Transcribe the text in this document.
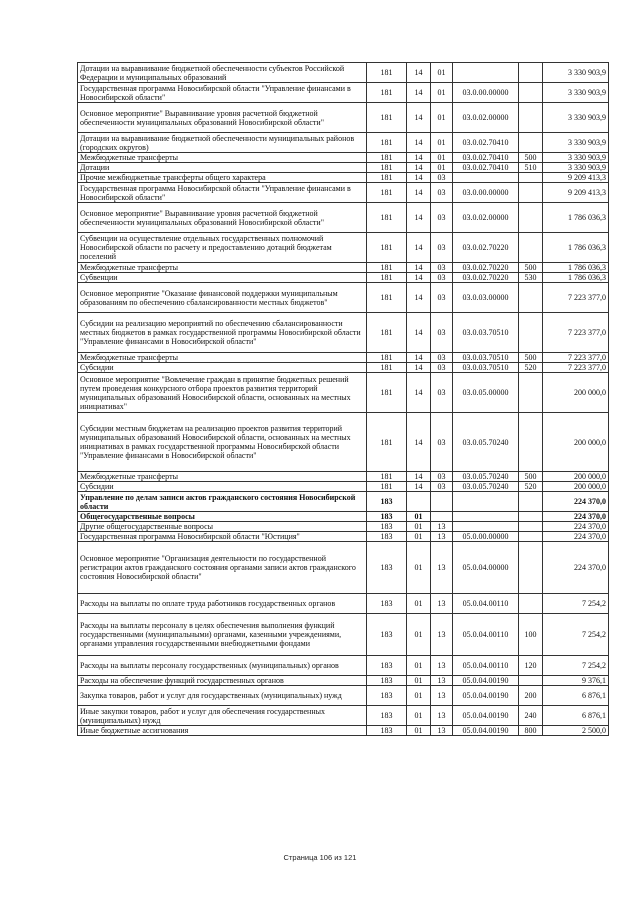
Дотации на выравнивание бюджетной обеспеченности субъектов Российской Федерации и муниципальных образований	181	14	01			3 330 903,9
Государственная программа Новосибирской области "Управление финансами в Новосибирской области"	181	14	01	03.0.00.00000		3 330 903,9
Основное мероприятие" Выравнивание уровня расчетной бюджетной обеспеченности муниципальных образований Новосибирской области"	181	14	01	03.0.02.00000		3 330 903,9
Дотации на выравнивание бюджетной обеспеченности муниципальных районов (городских округов)	181	14	01	03.0.02.70410		3 330 903,9
Межбюджетные трансферты	181	14	01	03.0.02.70410	500	3 330 903,9
Дотации	181	14	01	03.0.02.70410	510	3 330 903,9
Прочие межбюджетные трансферты общего характера	181	14	03			9 209 413,3
Государственная программа Новосибирской области "Управление финансами в Новосибирской области"	181	14	03	03.0.00.00000		9 209 413,3
Основное мероприятие" Выравнивание уровня расчетной бюджетной обеспеченности муниципальных образований Новосибирской области"	181	14	03	03.0.02.00000		1 786 036,3
Субвенции на осуществление отдельных государственных полномочий Новосибирской области по расчету и предоставлению дотаций бюджетам поселений	181	14	03	03.0.02.70220		1 786 036,3
Межбюджетные трансферты	181	14	03	03.0.02.70220	500	1 786 036,3
Субвенции	181	14	03	03.0.02.70220	530	1 786 036,3
Основное мероприятие "Оказание финансовой поддержки муниципальным образованиям по обеспечению сбалансированности местных бюджетов"	181	14	03	03.0.03.00000		7 223 377,0
Субсидии на реализацию мероприятий по обеспечению сбалансированности местных бюджетов в рамках государственной программы Новосибирской области "Управление финансами в Новосибирской области"	181	14	03	03.0.03.70510		7 223 377,0
Межбюджетные трансферты	181	14	03	03.0.03.70510	500	7 223 377,0
Субсидии	181	14	03	03.0.03.70510	520	7 223 377,0
Основное мероприятие "Вовлечение граждан в принятие бюджетных решений путем проведения конкурсного отбора проектов развития территорий муниципальных образований Новосибирской области, основанных на местных инициативах"	181	14	03	03.0.05.00000		200 000,0
Субсидии местным бюджетам на реализацию проектов развития территорий муниципальных образований Новосибирской области, основанных на местных инициативах в рамках государственной программы Новосибирской области "Управление финансами в Новосибирской области"	181	14	03	03.0.05.70240		200 000,0
Межбюджетные трансферты	181	14	03	03.0.05.70240	500	200 000,0
Субсидии	181	14	03	03.0.05.70240	520	200 000,0
Управление по делам записи актов гражданского состояния Новосибирской области	183					224 370,0
Общегосударственные вопросы	183	01				224 370,0
Другие общегосударственные вопросы	183	01	13			224 370,0
Государственная программа Новосибирской области "Юстиция"	183	01	13	05.0.00.00000		224 370,0
Основное мероприятие "Организация деятельности по государственной регистрации актов гражданского состояния органами записи актов гражданского состояния Новосибирской области"	183	01	13	05.0.04.00000		224 370,0
Расходы на выплаты по оплате труда работников государственных органов	183	01	13	05.0.04.00110		7 254,2
Расходы на выплаты персоналу в целях обеспечения выполнения функций государственными (муниципальными) органами, казенными учреждениями, органами управления государственными внебюджетными фондами	183	01	13	05.0.04.00110	100	7 254,2
Расходы на выплаты персоналу государственных (муниципальных) органов	183	01	13	05.0.04.00110	120	7 254,2
Расходы на обеспечение функций государственных органов	183	01	13	05.0.04.00190		9 376,1
Закупка товаров, работ и услуг для государственных (муниципальных) нужд	183	01	13	05.0.04.00190	200	6 876,1
Иные закупки товаров, работ и услуг для обеспечения государственных (муниципальных) нужд	183	01	13	05.0.04.00190	240	6 876,1
Иные бюджетные ассигнования	183	01	13	05.0.04.00190	800	2 500,0
Страница 106 из 121
